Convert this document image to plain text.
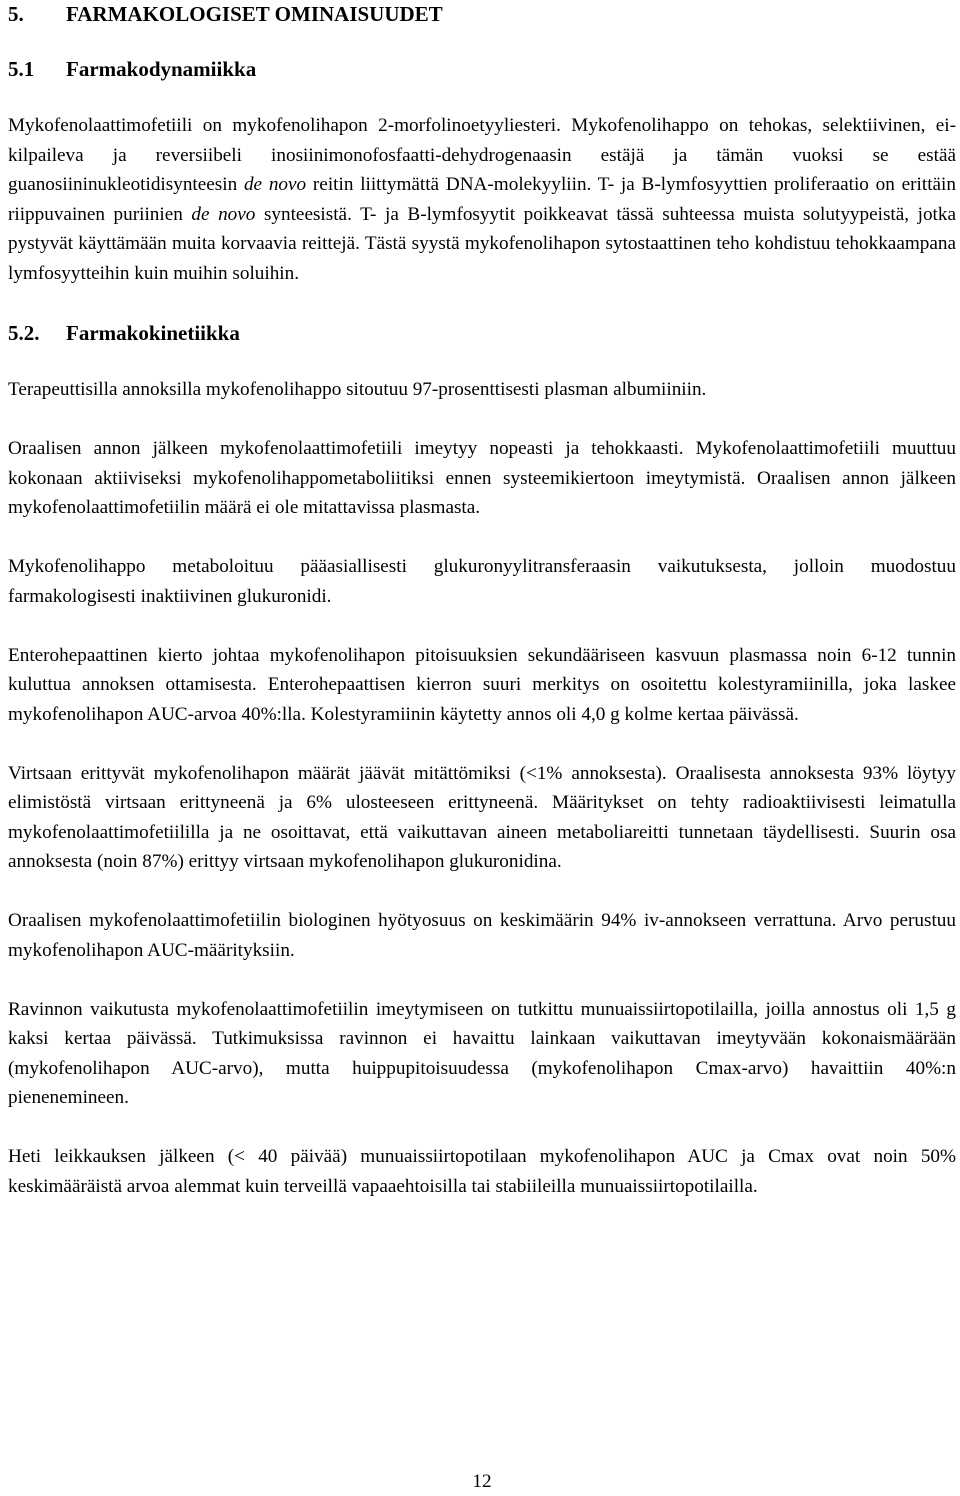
5. FARMAKOLOGISET OMINAISUUDET
5.1 Farmakodynamiikka

Mykofenolaattimofetiili on mykofenolihapon 2-morfolinoetyyliesteri. Mykofenolihappo on tehokas, selektiivinen, ei-kilpaileva ja reversiibeli inosiinimonofosfaatti-dehydrogenaasin estäjä ja tämän vuoksi se estää guanosiininukleotidisynteesin de novo reitin liittymättä DNA-molekyyliin. T- ja B-lymfosyyttien proliferaatio on erittäin riippuvainen puriinien de novo synteesistä. T- ja B-lymfosyytit poikkeavat tässä suhteessa muista solutyypeistä, jotka pystyvät käyttämään muita korvaavia reittejä. Tästä syystä mykofenolihapon sytostaattinen teho kohdistuu tehokkaampana lymfosyytteihin kuin muihin soluihin.

5.2. Farmakokinetiikka

Terapeuttisilla annoksilla mykofenolihappo sitoutuu 97-prosenttisesti plasman albumiiniin.

Oraalisen annon jälkeen mykofenolaattimofetiili imeytyy nopeasti ja tehokkaasti. Mykofenolaattimofetiili muuttuu kokonaan aktiiviseksi mykofenolihappometaboliitiksi ennen systeemikiertoon imeytymistä. Oraalisen annon jälkeen mykofenolaattimofetiilin määrä ei ole mitattavissa plasmasta.

Mykofenolihappo metaboloituu pääasiallisesti glukuronyylitransferaasin vaikutuksesta, jolloin muodostuu farmakologisesti inaktiivinen glukuronidi.

Enterohepaattinen kierto johtaa mykofenolihapon pitoisuuksien sekundääriseen kasvuun plasmassa noin 6-12 tunnin kuluttua annoksen ottamisesta. Enterohepaattisen kierron suuri merkitys on osoitettu kolestyramiinilla, joka laskee mykofenolihapon AUC-arvoa 40%:lla. Kolestyramiinin käytetty annos oli 4,0 g kolme kertaa päivässä.

Virtsaan erittyvät mykofenolihapon määrät jäävät mitättömiksi (<1% annoksesta). Oraalisesta annoksesta 93% löytyy elimistöstä virtsaan erittyneenä ja 6% ulosteeseen erittyneenä. Määritykset on tehty radioaktiivisesti leimatulla mykofenolaattimofetiililla ja ne osoittavat, että vaikuttavan aineen metaboliareitti tunnetaan täydellisesti. Suurin osa annoksesta (noin 87%) erittyy virtsaan mykofenolihapon glukuronidina.

Oraalisen mykofenolaattimofetiilin biologinen hyötyosuus on keskimäärin 94% iv-annokseen verrattuna. Arvo perustuu mykofenolihapon AUC-määrityksiin.

Ravinnon vaikutusta mykofenolaattimofetiilin imeytymiseen on tutkittu munuaissiirtopotilailla, joilla annostus oli 1,5 g kaksi kertaa päivässä. Tutkimuksissa ravinnon ei havaittu lainkaan vaikuttavan imeytyvään kokonaismäärään (mykofenolihapon AUC-arvo), mutta huippupitoisuudessa (mykofenolihapon Cmax-arvo) havaittiin 40%:n pienenemineen.

Heti leikkauksen jälkeen (< 40 päivää) munuaissiirtopotilaan mykofenolihapon AUC ja Cmax ovat noin 50% keskimääräistä arvoa alemmat kuin terveillä vapaaehtoisilla tai stabiileilla munuaissiirtopotilailla.

12
